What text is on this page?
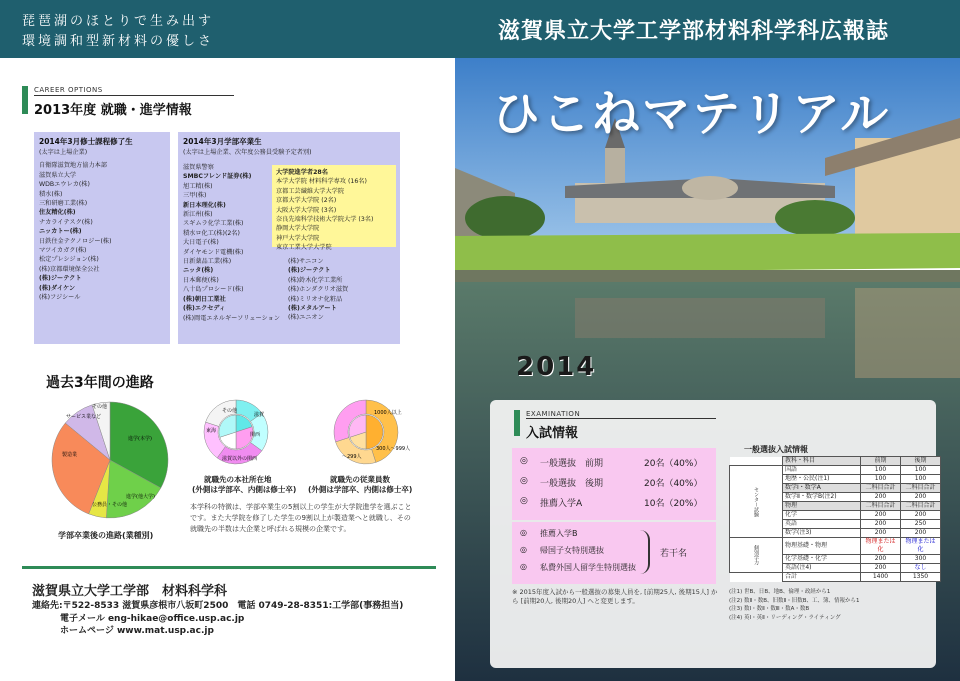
琵琶湖のほとりで生み出す
環境調和型新材料の優しさ	滋賀県立大学工学部材料科学科広報誌
CAREER OPTIONS
2013年度 就職・進学情報
2014年3月修士課程修了生
(太字は上場企業)
自衛隊滋賀地方協力本部
滋賀県立大学
WDBエウレカ(株)
積水(株)
三和研磨工業(株)
住友精化(株)
ナカライテスク(株)
ニッカトー(株)
日鉄住金テクノロジー(株)
マツイカガク(株)
松定プレシジョン(株)
(株)京都環境保全公社
(株)ジーテクト
(株)ダイケン
(株)フジシール
2014年3月学部卒業生
(太字は上場企業、次年度公務員受験予定者別)
滋賀県警察
SMBCフレンド証券(株)
旭工精(株)
三甲(株)
新日本理化(株)
新江州(株)
スギムラ化学工業(株)
積水ロ化工(株)(2名)
大日電子(株)
ダイヤモンド電機(株)
日新薬品工業(株)
ニッタ(株)
日本郵便(株)
八十島プロシード(株)
(株)朝日工業社
(株)エクセディ
(株)岡電エネルギーソリューション
大学院進学者28名
本学大学院 材料科学専攻 (16名)
京都工芸繊維大学大学院
京都大学大学院 (2名)
大阪大学大学院 (3名)
奈良先端科学技術大学院大学 (3名)
静岡大学大学院
神戸大学大学院
東京工業大学大学院
(株)サニコン
(株)ジーテクト
(株)鈴木化学工業所
(株)ホンダクリオ滋賀
(株)ミリオナ化粧品
(株)メタルアート
(株)ユニオン
過去3年間の進路
進学(本学)
進学(他大学)
公務員・その他
製造業
サービス業など
その他
学部卒業後の進路(業種別)
その他
滋賀
東海
関西
滋賀以外の関西
就職先の本社所在地
(外側は学部卒、内側は修士卒)
1000人以上
300人〜999人
〜299人
就職先の従業員数
(外側は学部卒、内側は修士卒)
本学科の特徴は、学部卒業生の5割以上の学生が大学院進学を選ぶことです。また大学院を修了した学生の9割以上が製造業へと就職し、その就職先の半数は大企業と呼ばれる規模の企業です。
滋賀県立大学工学部　材料科学科
連絡先:〒522-8533 滋賀県彦根市八坂町2500　電話 0749-28-8351:工学部(事務担当)
電子メール eng-hikae@office.usp.ac.jp
ホームページ www.mat.usp.ac.jp
ひこねマテリアル
2014
EXAMINATION
入試情報
◎	一般選抜　前期	20名（40%）
◎	一般選抜　後期	20名（40%）
◎	推薦入学A	10名（20%）
◎	推薦入学B
◎	帰国子女特別選抜
◎	私費外国人留学生特別選抜
若干名
※ 2015年度入試から一般選抜の募集人員を, [前期25人, 後期15人] から [前期20人, 後期20人] へと変更します。
一般選抜入試情報
	教科・科目	前期	後期
センター試験	国語	100	100
	地歴・公民(注1)	100	100
	数学Ⅰ・数学A	二科目合計	二科目合計
	数学Ⅱ・数学B(注2)	200	200
	物理	二科目合計	二科目合計
	化学	200	200
	英語	200	250
	数学(注3)	200	200
個別学力	物理基礎・物理	物理または化	物理または化
	化学基礎・化学	200	300
	英語(注4)	200	なし
	合計	1400	1350
(注1) 世B、日B、地B、倫理・政経から1
(注2) 数Ⅱ・数B、旧数Ⅱ・旧数B、工、簿、情報から1
(注3) 数Ⅰ・数Ⅱ・数Ⅲ・数A・数B
(注4) 英Ⅰ・英Ⅱ・リーディング・ライティング
